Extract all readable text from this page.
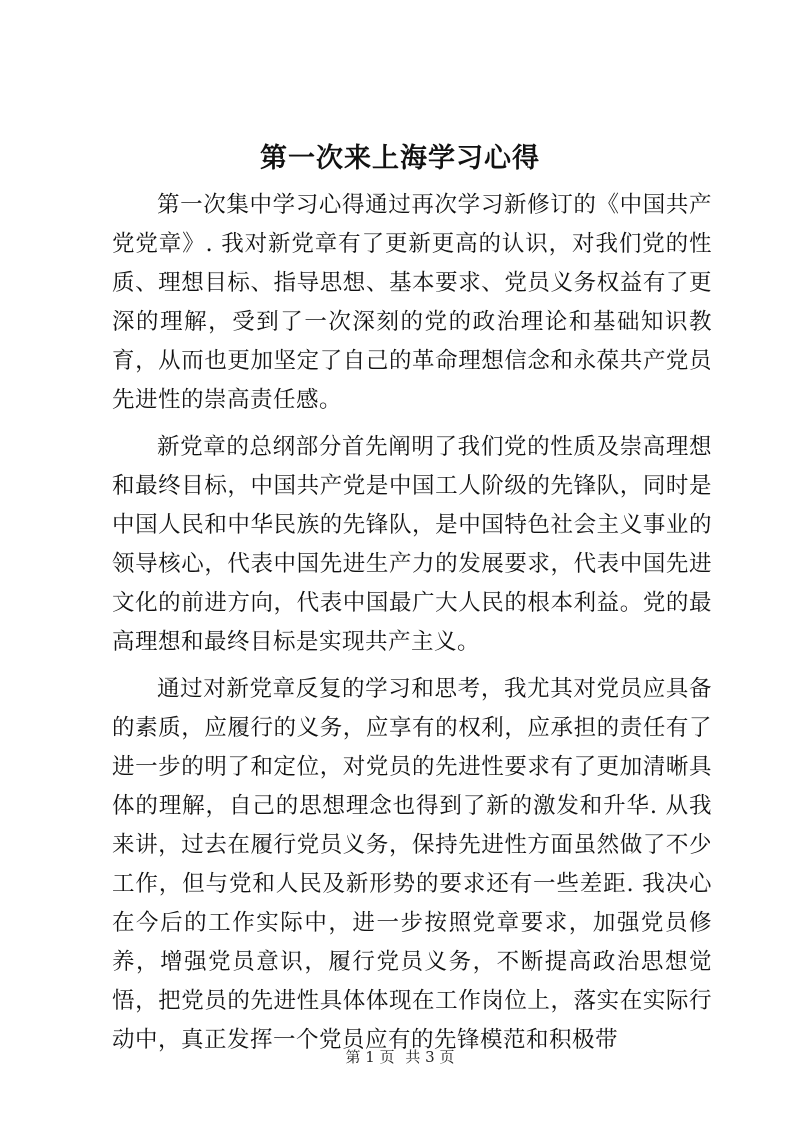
第一次来上海学习心得

第一次集中学习心得通过再次学习新修订的《中国共产党党章》. 我对新党章有了更新更高的认识，对我们党的性质、理想目标、指导思想、基本要求、党员义务权益有了更深的理解，受到了一次深刻的党的政治理论和基础知识教育，从而也更加坚定了自己的革命理想信念和永葆共产党员先进性的崇高责任感。

新党章的总纲部分首先阐明了我们党的性质及崇高理想和最终目标，中国共产党是中国工人阶级的先锋队，同时是中国人民和中华民族的先锋队，是中国特色社会主义事业的领导核心，代表中国先进生产力的发展要求，代表中国先进文化的前进方向，代表中国最广大人民的根本利益。党的最高理想和最终目标是实现共产主义。

通过对新党章反复的学习和思考，我尤其对党员应具备的素质，应履行的义务，应享有的权利，应承担的责任有了进一步的明了和定位，对党员的先进性要求有了更加清晰具体的理解，自己的思想理念也得到了新的激发和升华. 从我来讲，过去在履行党员义务，保持先进性方面虽然做了不少工作，但与党和人民及新形势的要求还有一些差距. 我决心在今后的工作实际中，进一步按照党章要求，加强党员修养，增强党员意识，履行党员义务，不断提高政治思想觉悟，把党员的先进性具体体现在工作岗位上，落实在实际行动中，真正发挥一个党员应有的先锋模范和积极带

第 1 页 共 3 页
